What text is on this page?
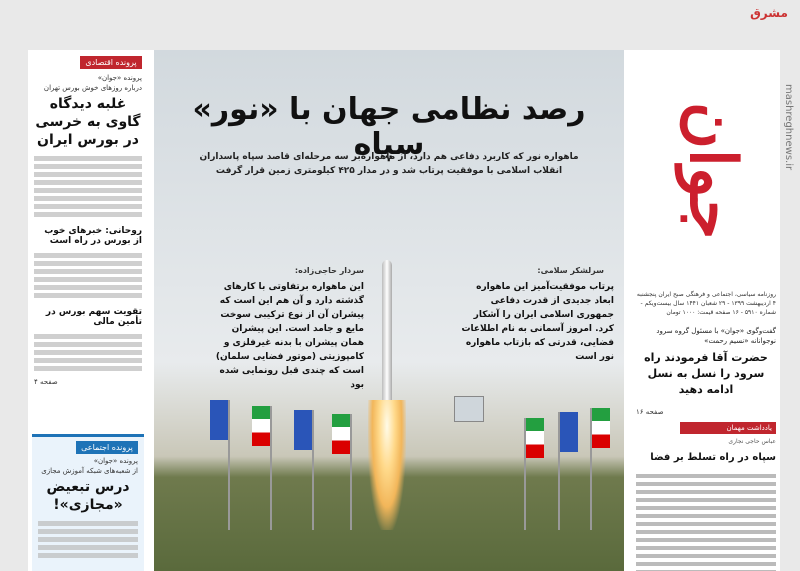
مشرق
mashreghnews.ir
پرونده اقتصادی
پرونده «جوان»
درباره روزهای خوش بورس تهران
غلبه دیدگاه گاوی به خرسی در بورس ایران
روحانی: خبرهای خوب از بورس در راه است
تقویت سهم بورس در تأمین مالی
صفحه ۴
پرونده اجتماعی
پرونده «جوان»
از شعبه‌های شبکه آموزش مجازی
درس تبعیض «مجازی»!
رصد نظامی جهان با «نور» سپاه
ماهواره نور که کاربرد دفاعی هم دارد، از ماهواره‌بر سه مرحله‌ای قاصد سپاه پاسداران انقلاب اسلامی با موفقیت پرتاب شد و در مدار ۴۲۵ کیلومتری زمین قرار گرفت

سردار حاجی‌زاده:
این ماهواره برتفاوتی با کارهای گذشته دارد و آن هم این است که پیشران آن از نوع ترکیبی سوخت مایع و جامد است. این پیشران همان پیشران با بدنه غیرفلزی و کامپوزیتی (موتور فضایی سلمان) است که چندی قبل رونمایی شده بود
سرلشکر سلامی:
پرتاب موفقیت‌آمیز این ماهواره ابعاد جدیدی از قدرت دفاعی جمهوری اسلامی ایران را آشکار کرد. امروز آسمانی به نام اطلاعات فضایی، قدرتی که بازتاب ماهواره نور است
جوان
روزنامه سیاسی، اجتماعی و فرهنگی صبح ایران پنجشنبه ۴ اردیبهشت ۱۳۹۹ - ۲۹ شعبان ۱۴۴۱ سال بیست‌ویکم - شماره ۵۹۱۰ - ۱۶ صفحه قیمت: ۱۰۰۰ تومان
گفت‌وگوی «جوان» با مسئول گروه سرود نوجوانانه «نسیم رحمت»
حضرت آقا فرمودند راه سرود را نسل به نسل ادامه دهید
صفحه ۱۶
یادداشت مهمان
عباس حاجی نجاری
سپاه در راه تسلط بر فضا
